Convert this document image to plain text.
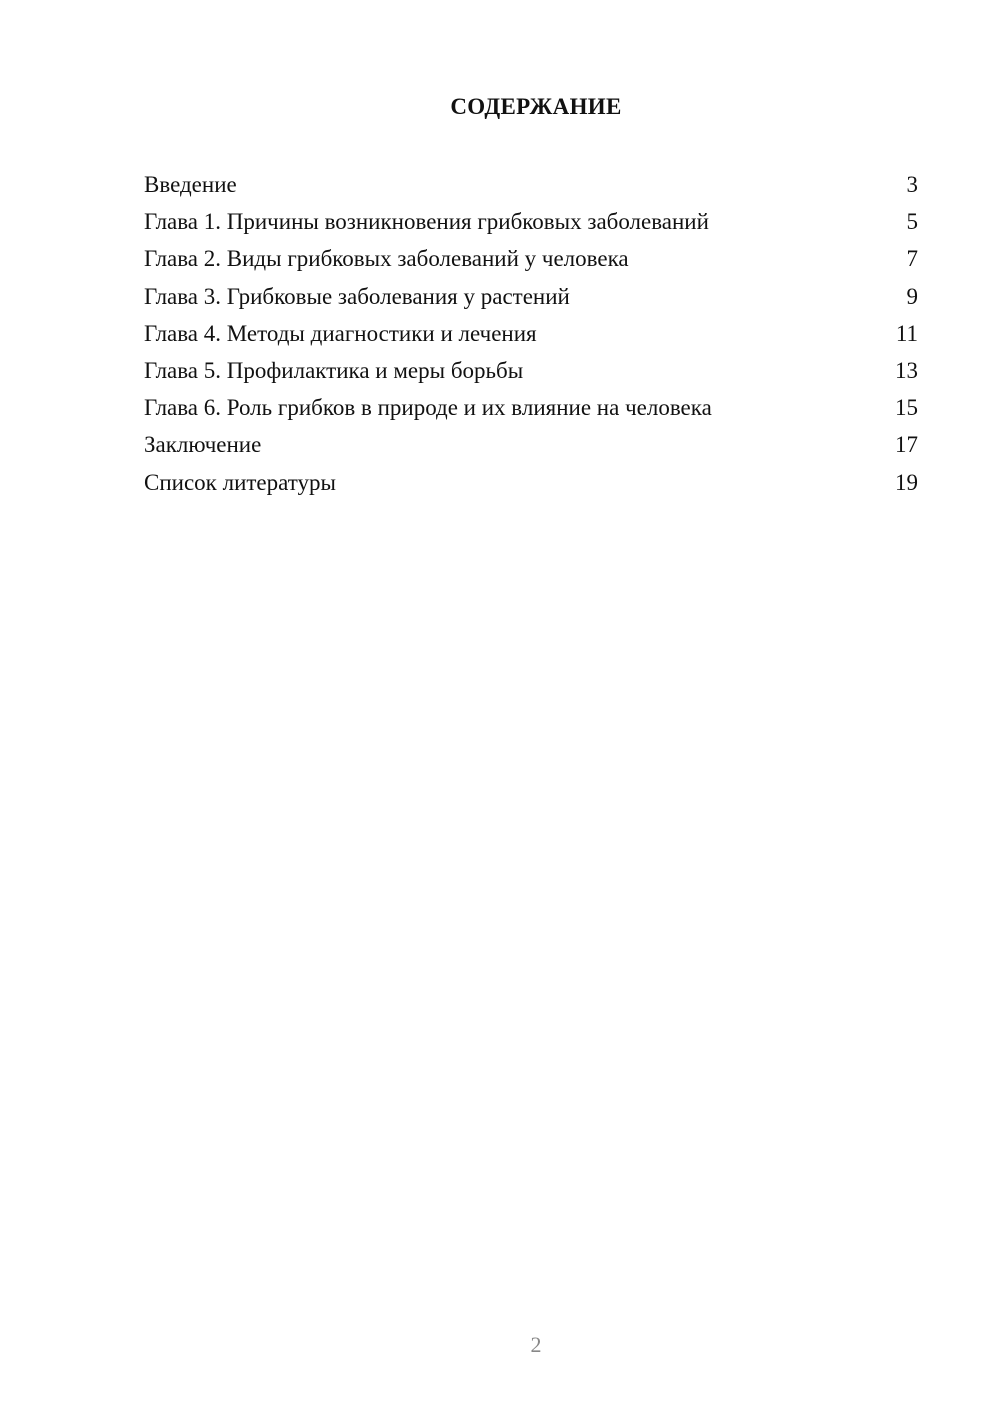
СОДЕРЖАНИЕ
Введение	3
Глава 1. Причины возникновения грибковых заболеваний	5
Глава 2. Виды грибковых заболеваний у человека	7
Глава 3. Грибковые заболевания у растений	9
Глава 4. Методы диагностики и лечения	11
Глава 5. Профилактика и меры борьбы	13
Глава 6. Роль грибков в природе и их влияние на человека	15
Заключение	17
Список литературы	19
2
